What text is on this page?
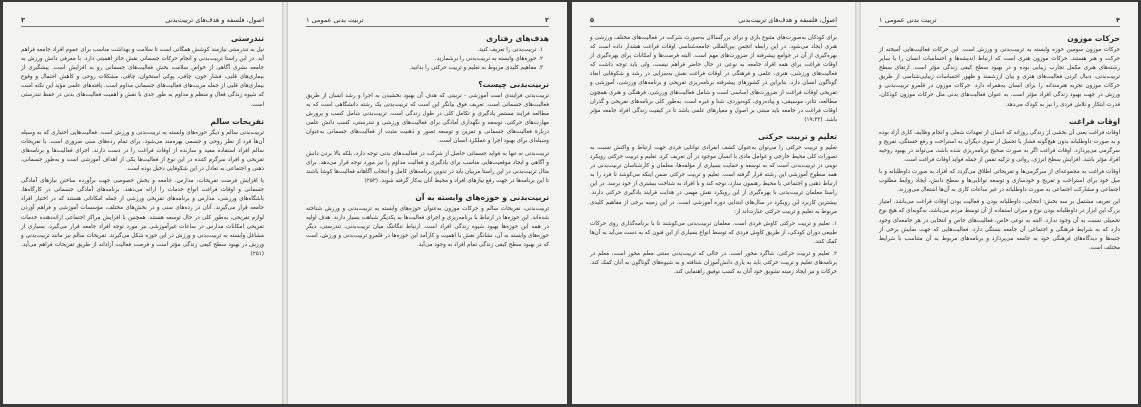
اصول، فلسفه و هدف‌های تربیت‌بدنی
۳
تندرستی

نیل به تندرستی نیازمند کوشش همگانی است تا سلامت و بهداشت مناسب برای عموم افراد جامعه فراهم آید. در این راستا تربیت‌بدنی و انجام حرکات جسمانی نقش حائز اهمیتی دارد. با معرفی دانش ورزش به جامعه بشری آگاهی از خواص سلامت بخش فعالیت‌های جسمانی رو به افزایش است. پیشگیری از بیماری‌های قلبی، فشار خون، چاقی، پوکی استخوان، چاقی، مشکلات روحی و کاهش احتمال و وقوع بیماری‌های قلبی از جمله مزیت‌های فعالیت‌های جسمانی مداوم است. یافته‌های علمی مؤید این نکته است که شیوه زندگی فعال و منظم و مداوم به طور جدی با نقش و اهمیت فعالیت‌های بدنی در حفظ تندرستی است.

تفریحات سالم

تربیت‌بدنی سالم و دیگر حوزه‌های وابسته به تربیت‌بدنی و ورزش است. فعالیت‌هایی اختیاری که به وسیله آن‌ها فرد از نظر روحی و جسمی بهره‌مند می‌شود، برای تمام رده‌های سنی ضروری است. با تفریحات سالم افراد استفاده مفید و سازنده از اوقات فراغت را در دست دارند. اجرای فعالیت‌ها و برنامه‌های تفریحی و افراد سرگرم کننده در این نوع از فعالیت‌ها یکی از اهداف آموزشی است و به‌طور جسمانی، ذهنی و اجتماعی به تعادل در این شکوفایی دخیل بوده است.

با افزایش فرصت تفریحات، مدارس، جامعه و بخش خصوصی جهت برآورده ساختن نیازهای آمادگی جسمانی و اوقات فراغت انواع خدمات را ارائه می‌دهند. برنامه‌های آمادگی جسمانی در کارگاه‌ها، باشگاه‌های ورزشی، مدارس و برنامه‌های تفریحی ورزشی از جمله امکاناتی هستند که در اختیار افراد جامعه قرار می‌گیرند. آنان در رده‌های سنی و در بخش‌های مختلف، مؤسسات آموزشی و فراهم آوردن لوازم تفریحی، به‌طور کلی در حال توسعه هستند. همچنین با افزایش مراکز اجتماعی ارائه‌دهنده خدمات تفریحی امکانات مدارس در ساعات غیرآموزشی نیز مورد توجه افراد جامعه قرار می‌گیرد. بسیاری از مشاغل وابسته به تربیت‌بدنی و ورزش در این حوزه شکل می‌گیرند. تفریحات سالم نیز مانند تربیت‌بدنی و ورزش در بهبود سطح کیفی زندگی مؤثر است و فرصت فعالیت آزادانه از طریق تفریحات فراهم می‌آید. (۲۵۱)

۲
تربیت بدنی عمومی ۱
هدف‌های رفتاری
۱. تربیت‌بدنی را تعریف کنید.
۲. حوزه‌های وابسته به تربیت‌بدنی را برشمارید.
۳. مفاهیم کلیدی مربوط به تعلیم و تربیت حرکتی را بدانید.
تربیت‌بدنی چیست؟

تربیت‌بدنی فرایندی است آموزشی - تربیتی که هدف آن بهبود بخشیدن به اجرا و رشد انسان از طریق فعالیت‌های جسمانی است. تعریف فوق بیانگر این است که تربیت‌بدنی یک رشته دانشگاهی است که به مطالعه فرایند مستمر یادگیری و تکامل کلی در طول زندگی است. تربیت‌بدنی شامل کسب و پرورش مهارت‌های حرکتی، توسعه و نگهداری آمادگی برای فعالیت‌های ورزشی و تندرستی، کسب دانش علمی دربارهٔ فعالیت‌های جسمانی و تمرین و توسعه تصور و ذهنیت مثبت از فعالیت‌های جسمانی به‌عنوان وسیله‌ای برای بهبود اجرا و عملکرد انسان است.

تربیت‌بدنی نه تنها به فواید جسمانی حاصل از شرکت در فعالیت‌های بدنی توجه دارد، بلکه بالا بردن دانش و آگاهی و ایجاد موقعیت‌هایی مناسب برای یادگیری و فعالیت مداوم را نیز مورد توجه قرار می‌دهد. برای مثال تربیت‌بدنی در این راستا مربیان باید در تدوین برنامه‌های کامل و انتخاب آگاهانه فعالیت‌ها کوشا باشند تا این برنامه‌ها در جهت رفع نیازهای افراد و محیط آنان به‌کار گرفته شوند. (۲۵۳)

تربیت‌بدنی و حوزه‌های وابسته به آن

تربیت‌بدنی، تفریحات سالم و حرکات موزون به‌عنوان حوزه‌های وابسته به تربیت‌بدنی و ورزش شناخته شده‌اند. این حوزه‌ها در ارتباط با برنامه‌ریزی و اجرای فعالیت‌ها به یکدیگر شباهت بسیار دارند. هدف اولیه در همه این حوزه‌ها بهبود شیوه زندگی افراد است. ارتباط تنگاتنگ میان تربیت‌بدنی، تندرستی، دیگر حوزه‌های وابسته به آن، نشانگر نقش با اهمیت و کارآمد این حوزه‌ها در قلمرو تربیت‌بدنی و ورزش، است که در بهبود سطح کیفی زندگی تمام افراد به وجود می‌آید.

اصول، فلسفه و هدف‌های تربیت‌بدنی
۵

برای کودکان به‌صورت‌های متنوع بازی و برای بزرگسالان به‌صورت شرکت در فعالیت‌های مختلف ورزشی و هنری ایجاد می‌شود. در این رابطه انجمن بین‌المللی جامعه‌شناسی اوقات فراغت هشدار داده است که بهره‌گیری از آن در جوامع پیشرفته از ضرورت‌های مهم است. البته فرصت‌ها و امکانات برای بهره‌گیری از اوقات فراغت برای همه افراد جامعه به نوعی در حال حاضر فراهم نیست، ولی باید توجه داشت که فعالیت‌های ورزشی، هنری، علمی و فرهنگی در اوقات فراغت نقش به‌سزایی در رشد و شکوفایی ابعاد گوناگون انسان دارد. بنابراین در کشورهای پیشرفته برنامه‌ریزی تفریحی و برنامه‌های ورزشی، آموزشی و تفریحی اوقات فراغت از ضرورت‌های اساسی است و شامل فعالیت‌های ورزشی، فرهنگی و هنری همچون مطالعه، تئاتر، موسیقی، و پیاده‌روی، کوه‌نوردی، شنا و غیره است. به‌طور کلی برنامه‌های تفریحی و گذران اوقات فراغت در جامعه باید مبتنی بر اصول و معیارهای علمی باشد تا در کیفیت زندگی افراد جامعه مؤثر باشد. (۱۹:۳۳)

تعلیم و تربیت حرکتی

تعلیم و تربیت حرکتی را می‌توان به‌عنوان کشف انفرادی توانایی فردی جهت ارتباط و واکنش نسبت به تصورات کلی محیط خارجی و عوامل مادی با انسان موجود در آن تعریف کرد. تعلیم و تربیت حرکتی رویکرد نوینی در تربیت‌بدنی است که به توسعه و حمایت بسیاری از مؤلفه‌ها، معلمان و کارشناسان تربیت‌بدنی در همه سطوح آموزشی این رشته قرار گرفته است. تعلیم و تربیت حرکتی ضمن اینکه می‌کوشد تا فرد را به ارتباط ذهنی و اجتماعی با محیط رهنمون سازد، توجه کند و با افراد به شناخت بیشتری از خود برسد. در این راستا معلمان تربیت‌بدنی با بهره‌گیری از این رویکرد نقش مهمی در هدایت فرایند یادگیری حرکتی دارند. بیشترین کاربرد این رویکرد در سال‌های ابتدایی دوره آموزشی است. در این زمینه برخی از مفاهیم کلیدی مربوط به تعلیم و تربیت حرکتی عبارت‌اند از:

۱. تعلیم و تربیت حرکتی کاوش فردی است. معلمان تربیت‌بدنی می‌کوشند تا با برنامه‌گذاری روی حرکات طبیعی دوران کودکی، از طریق کاوش فردی که توسط انواع بسیاری از این فنون که به دست می‌آید به آن‌ها کمک کنند.

۲. تعلیم و تربیت حرکتی، شاگرد محور است. در حالی که تربیت‌بدنی سنتی معلم محور است، معلم در برنامه‌های تعلیم و تربیت حرکتی باید به یاری دانش‌آموزان شتافته و به شیوه‌های گوناگون به آنان کمک کند. حرکات و نیز ایجاد زمینه تشویق خود آنان به کسب توفیق راهنمایی کند.

۴
تربیت بدنی عمومی ۱
حرکات موزون

حرکات موزون سومین حوزه وابسته به تربیت‌بدنی و ورزش است. این حرکات فعالیت‌هایی آمیخته از حرکت و هنر هستند. حرکات موزون هنری است که ارتباط اندیشه‌ها و احساسات انسان را با سایر رشته‌های هنری مکمل تجارب زیبایی بوده و در بهبود سطح کیفی زندگی مؤثر است. ارتقای سطح تربیت‌بدنی، دنبال کردن فعالیت‌های هنری و بیان ارزشمند و ظهور احساسات زیبایی‌شناسی از طریق حرکات موزون تجربه هنرمندانه را برای انسان به‌همراه دارد. حرکات موزون در قلمرو تربیت‌بدنی و ورزش در جهت بهبود زندگی افراد مؤثر است. به عنوان فعالیت‌های بدنی مثل حرکات موزون کودکان، قدرت ابتکار و تلاش فردی را نیز به کودک می‌دهد.

اوقات فراغت

اوقات فراغت یعنی آن بخشی از زندگی روزانه که انسان از تعهدات شغلی و انجام وظایف کاری آزاد بوده و به صورت داوطلبانه بدون هیچ‌گونه فشار یا تحمیل از سوی دیگران به استراحت و رفع خستگی، تفریح و سرگرمی می‌پردازد. اوقات فراغت اگر به صورت صحیح برنامه‌ریزی شده باشد، می‌تواند در بهبود روحیه افراد مؤثر باشد. افزایش سطح انرژی، روانی و تزکیه نفس از جمله فواید اوقات فراغت است.

اوقات فراغت به مجموعه‌ای از سرگرمی‌ها و تفریحاتی اطلاق می‌گردد که افراد به صورت داوطلبانه و با میل خود برای استراحت و تفریح و خودسازی و توسعه توانایی‌ها و سطح دانش، ایجاد روابط مطلوب اجتماعی و مشارکت اجتماعی به صورت داوطلبانه در غیر ساعات کاری به آن‌ها اشتغال می‌ورزند.

این تعریف مشتمل بر سه بخش: انتخابی، داوطلبانه بودن و فعالیت بودن اوقات فراغت می‌باشد. امتیاز بزرگ این ابزار در داوطلبانه بودن نوع و میزان استفاده از آن توسط مردم می‌باشد، به‌گونه‌ای که هیچ نوع تحمیلی نسبت به آن وجود ندارد. البته به نوعی خاص، فعالیت‌های خاص و انتخابی در هر جامعه‌ای وجود دارد که به شرایط فرهنگی و اجتماعی آن جامعه بستگی دارد. فعالیت‌هایی که جهت نمایش برخی از جنبه‌ها و دیدگاه‌های فرهنگی خود به جامعه می‌پردازد و برنامه‌های مربوط به آن متناسب با شرایط مختلف است.
